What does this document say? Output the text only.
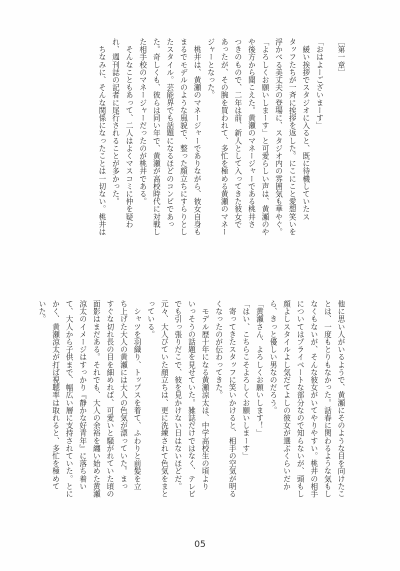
［第一章］
「おはよーございまーす」
　緩い挨拶でスタジオに入ると、既に待機していたス
タッフたちが一斉に挨拶を返した。にこにこと愛想笑いを
浮かべる美丈夫の登場に、スタジオ内の雰囲気も華やぐ。
「よろしくお願いしまーす」と可愛らしい声は、黄瀬のや
や後方から聞こえた。黄瀬のマネージャーである桃井さ
つきのもので、二年は前、新人として入ってきた彼女で
あったが、その腕を買われて、多忙を極める黄瀬のマネー
ジャーとなった。
　桃井は、黄瀬のマネージャーでありながら、彼女自身も
まるでモデルのような風貌で、整った顔立ちにすらりとし
たスタイル。芸能界でも話題になるほどのコンビであっ
た。奇しくも、彼らは同い年で、黄瀬が高校時代に対戦し
た相手校のマネージャーだったのが桃井である。
　そんなこともあって、二人はよくマスコミに仲を疑わ
れ、週刊誌の記者に尾行されることが多かった。
　ちなみに、そんな関係になったことは一切ない。桃井は
他に思い人がいるようで、黄瀬にそのような目を向けたこ
とは、一度もとりもなかった。話春に関わるような気もし
なくもないが、そんな彼女がいてやりやすい。桃井の相手
についてはプライベートな部分なので知らないが、頭もし
顔よしスタイルよし気だてよしの彼女が選ぶくらいだか
ら、きっと優しい男なのだろう。
「黄瀬さん、よろしくお願いします！」
「はい、こちらこそよろしくお願いしまーす」
　寄ってきたスタッフに笑いかけると、相手の空気が明る
くなったのが伝わってきた。
　モデル歴十年になる黄瀬涼太は、中学高校生の頃より
いっそうの話題を見せていた。雑誌だけではなく、テレビ
でも引っ張りだこで、彼を見かけない日はないほどだ。
元々、大人びていた顔立ちは、更に洗練されて色気をまと
っている。
　シャツを羽織り、トップスを着て、ふわりと前髪を立
ち上げた大人の黄瀬には大人の色気が漂っていた。まっ
すぐな切れ長の目を細めれば、可愛いと騒がれていた頃の
面影はまだある。それでも、大人の余裕を纏い始めた黄瀬
涼太のイメージはすっかり『静かな好青年』に落ち着い
て、大人から子供まで、幅広い層に支持されていた。とに
かく、黄瀬涼太が打ば視聴率は取れると、多忙を極めて
いた。
05
